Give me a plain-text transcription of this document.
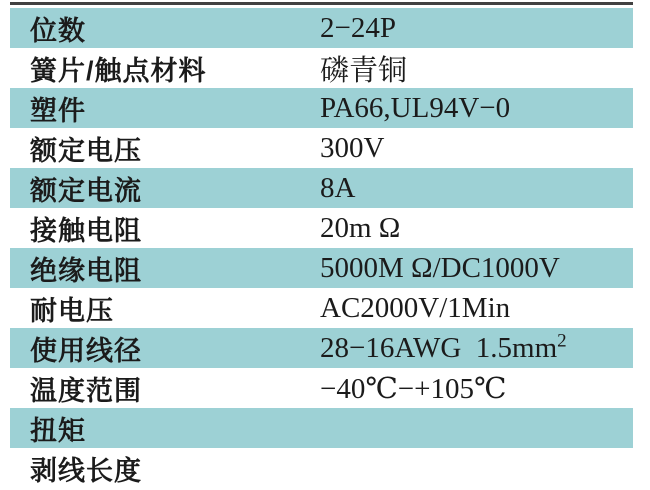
位数	2−24P
簧片/触点材料	磷青铜
塑件	PA66,UL94V−0
额定电压	300V
额定电流	8A
接触电阻	20m Ω
绝缘电阻	5000M Ω/DC1000V
耐电压	AC2000V/1Min
使用线径	28−16AWG  $1.5mm^2$
温度范围	−40℃−+105℃
扭矩
剥线长度
